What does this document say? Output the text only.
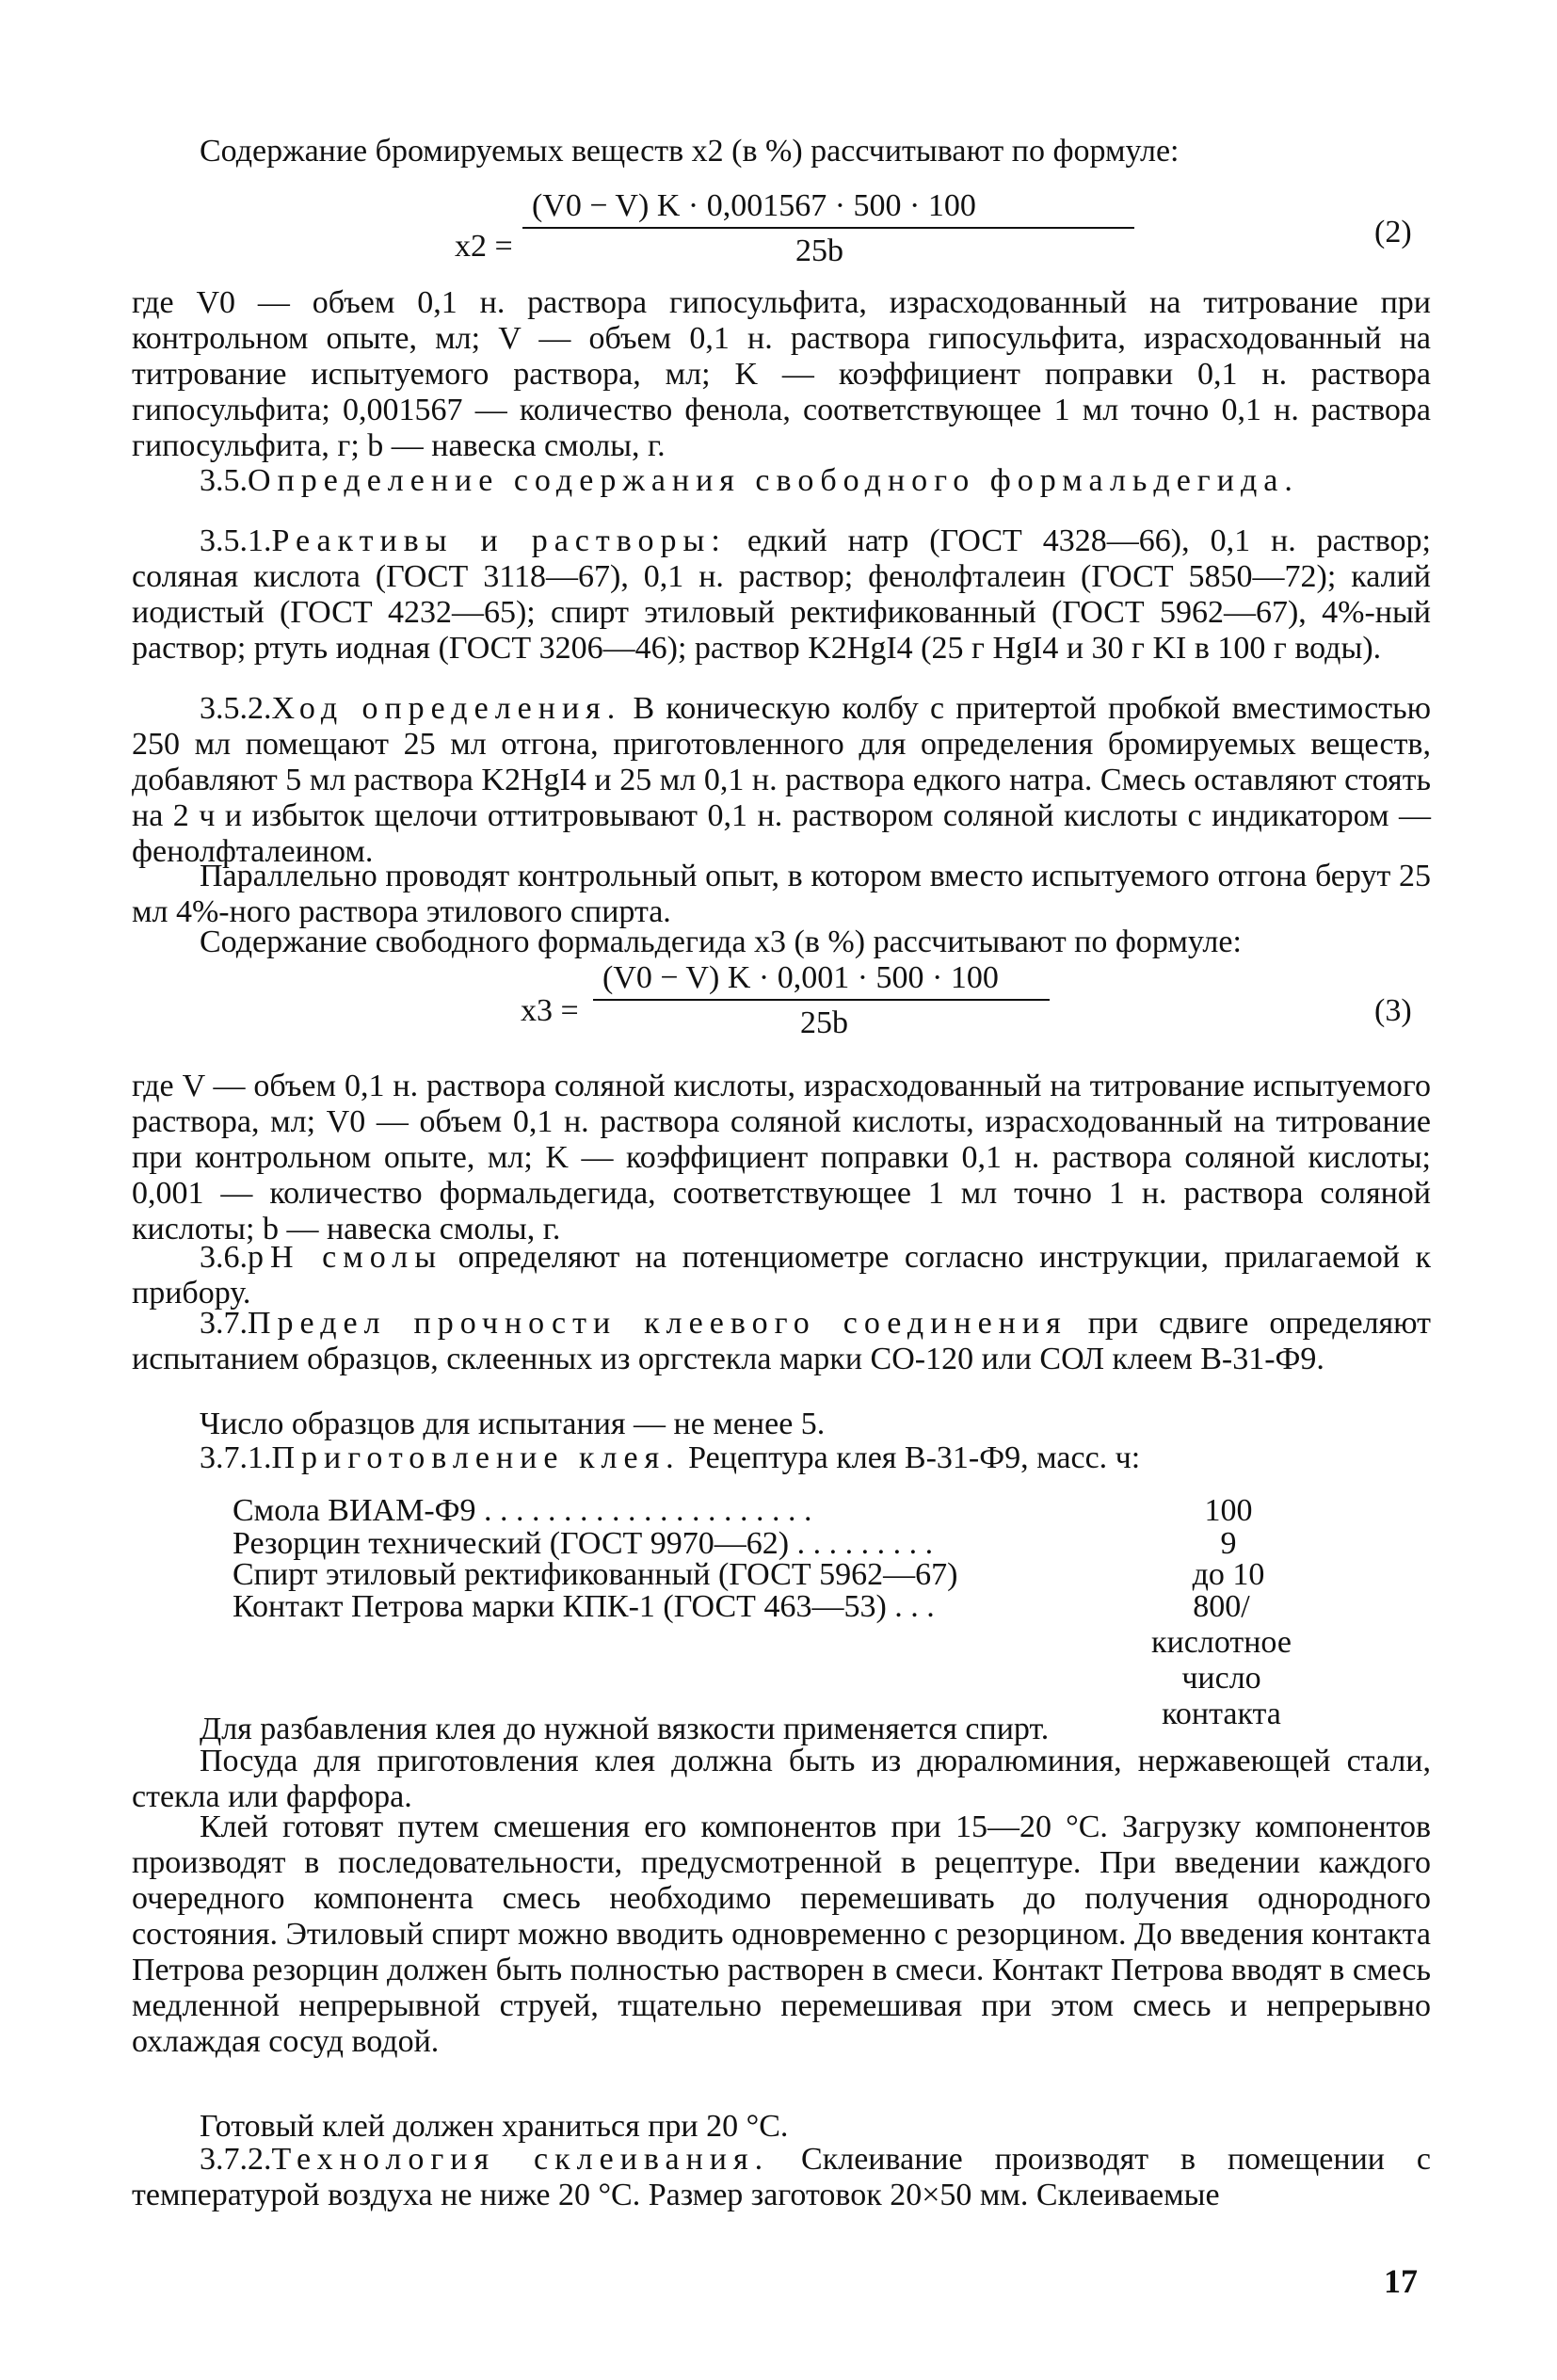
Содержание бромируемых веществ x2 (в %) рассчитывают по формуле:
x2 =
(V0 − V) K · 0,001567 · 500 · 100
25b
(2)
где V0 — объем 0,1 н. раствора гипосульфита, израсходованный на титрование при контрольном опыте, мл; V — объем 0,1 н. раствора гипосульфита, израсходованный на титрование испытуемого раствора, мл; K — коэффициент поправки 0,1 н. раствора гипосульфита; 0,001567 — количество фенола, соответствующее 1 мл точно 0,1 н. раствора гипосульфита, г; b — навеска смолы, г.
3.5.Определение содержания свободного формальдегида.
3.5.1.Реактивы и растворы: едкий натр (ГОСТ 4328—66), 0,1 н. раствор; соляная кислота (ГОСТ 3118—67), 0,1 н. раствор; фенолфталеин (ГОСТ 5850—72); калий иодистый (ГОСТ 4232—65); спирт этиловый ректификованный (ГОСТ 5962—67), 4%-ный раствор; ртуть иодная (ГОСТ 3206—46); раствор K2HgI4 (25 г HgI4 и 30 г KI в 100 г воды).
3.5.2.Ход определения. В коническую колбу с притертой пробкой вместимостью 250 мл помещают 25 мл отгона, приготовленного для определения бромируемых веществ, добавляют 5 мл раствора K2HgI4 и 25 мл 0,1 н. раствора едкого натра. Смесь оставляют стоять на 2 ч и избыток щелочи оттитровывают 0,1 н. раствором соляной кислоты с индикатором — фенолфталеином.
Параллельно проводят контрольный опыт, в котором вместо испытуемого отгона берут 25 мл 4%-ного раствора этилового спирта.
Содержание свободного формальдегида x3 (в %) рассчитывают по формуле:
x3 =
(V0 − V) K · 0,001 · 500 · 100
25b	(3)
где V — объем 0,1 н. раствора соляной кислоты, израсходованный на титрование испытуемого раствора, мл; V0 — объем 0,1 н. раствора соляной кислоты, израсходованный на титрование при контрольном опыте, мл; K — коэффициент поправки 0,1 н. раствора соляной кислоты; 0,001 — количество формальдегида, соответствующее 1 мл точно 1 н. раствора соляной кислоты; b — навеска смолы, г.
3.6.pH смолы определяют на потенциометре согласно инструкции, прилагаемой к прибору.
3.7.Предел прочности клеевого соединения при сдвиге определяют испытанием образцов, склеенных из оргстекла марки СО-120 или СОЛ клеем В-31-Ф9.
Число образцов для испытания — не менее 5.
3.7.1.Приготовление клея. Рецептура клея В-31-Ф9, масс. ч:
Смола ВИАМ-Ф9 . . . . . . . . . . . . . . . . . . . . .	100
Резорцин технический (ГОСТ 9970—62) . . . . . . . . .	9
Спирт этиловый ректификованный (ГОСТ 5962—67)	до 10
Контакт Петрова марки КПК-1 (ГОСТ 463—53) . . .	800/кислотное число контакта
Для разбавления клея до нужной вязкости применяется спирт.
Посуда для приготовления клея должна быть из дюралюминия, нержавеющей стали, стекла или фарфора.
Клей готовят путем смешения его компонентов при 15—20 °С. Загрузку компонентов производят в последовательности, предусмотренной в рецептуре. При введении каждого очередного компонента смесь необходимо перемешивать до получения однородного состояния. Этиловый спирт можно вводить одновременно с резорцином. До введения контакта Петрова резорцин должен быть полностью растворен в смеси. Контакт Петрова вводят в смесь медленной непрерывной струей, тщательно перемешивая при этом смесь и непрерывно охлаждая сосуд водой.
Готовый клей должен храниться при 20 °С.
3.7.2.Технология склеивания. Склеивание производят в помещении с температурой воздуха не ниже 20 °С. Размер заготовок 20×50 мм. Склеиваемые
17
